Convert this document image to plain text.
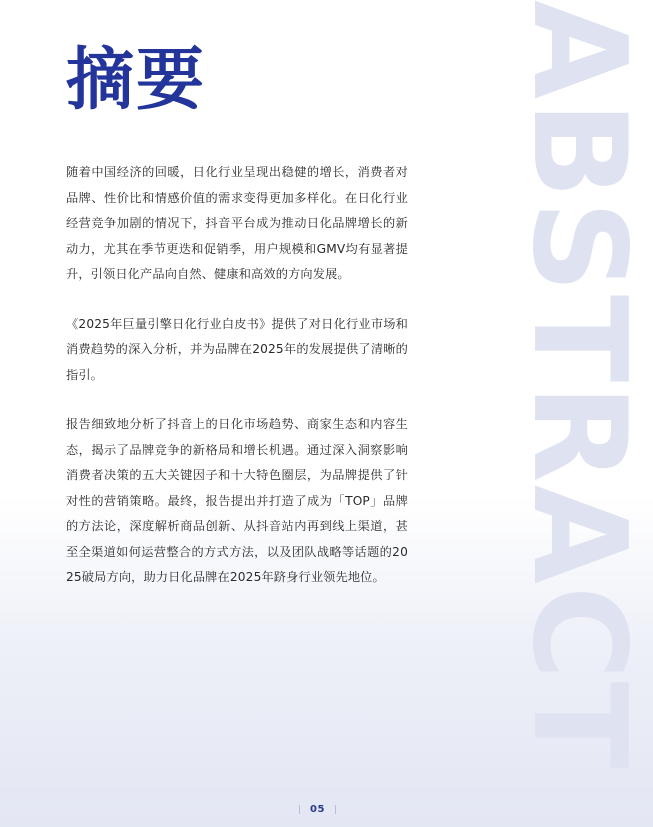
ABSTRACT
摘要

随着中国经济的回暖，日化行业呈现出稳健的增长，消费者对品牌、性价比和情感价值的需求变得更加多样化。在日化行业经营竞争加剧的情况下，抖音平台成为推动日化品牌增长的新动力，尤其在季节更迭和促销季，用户规模和GMV均有显著提升，引领日化产品向自然、健康和高效的方向发展。

《2025年巨量引擎日化行业白皮书》提供了对日化行业市场和消费趋势的深入分析，并为品牌在2025年的发展提供了清晰的指引。

报告细致地分析了抖音上的日化市场趋势、商家生态和内容生态，揭示了品牌竞争的新格局和增长机遇。通过深入洞察影响消费者决策的五大关键因子和十大特色圈层，为品牌提供了针对性的营销策略。最终，报告提出并打造了成为「TOP」品牌的方法论，深度解析商品创新、从抖音站内再到线上渠道，甚至全渠道如何运营整合的方式方法，以及团队战略等话题的2025破局方向，助力日化品牌在2025年跻身行业领先地位。

05
